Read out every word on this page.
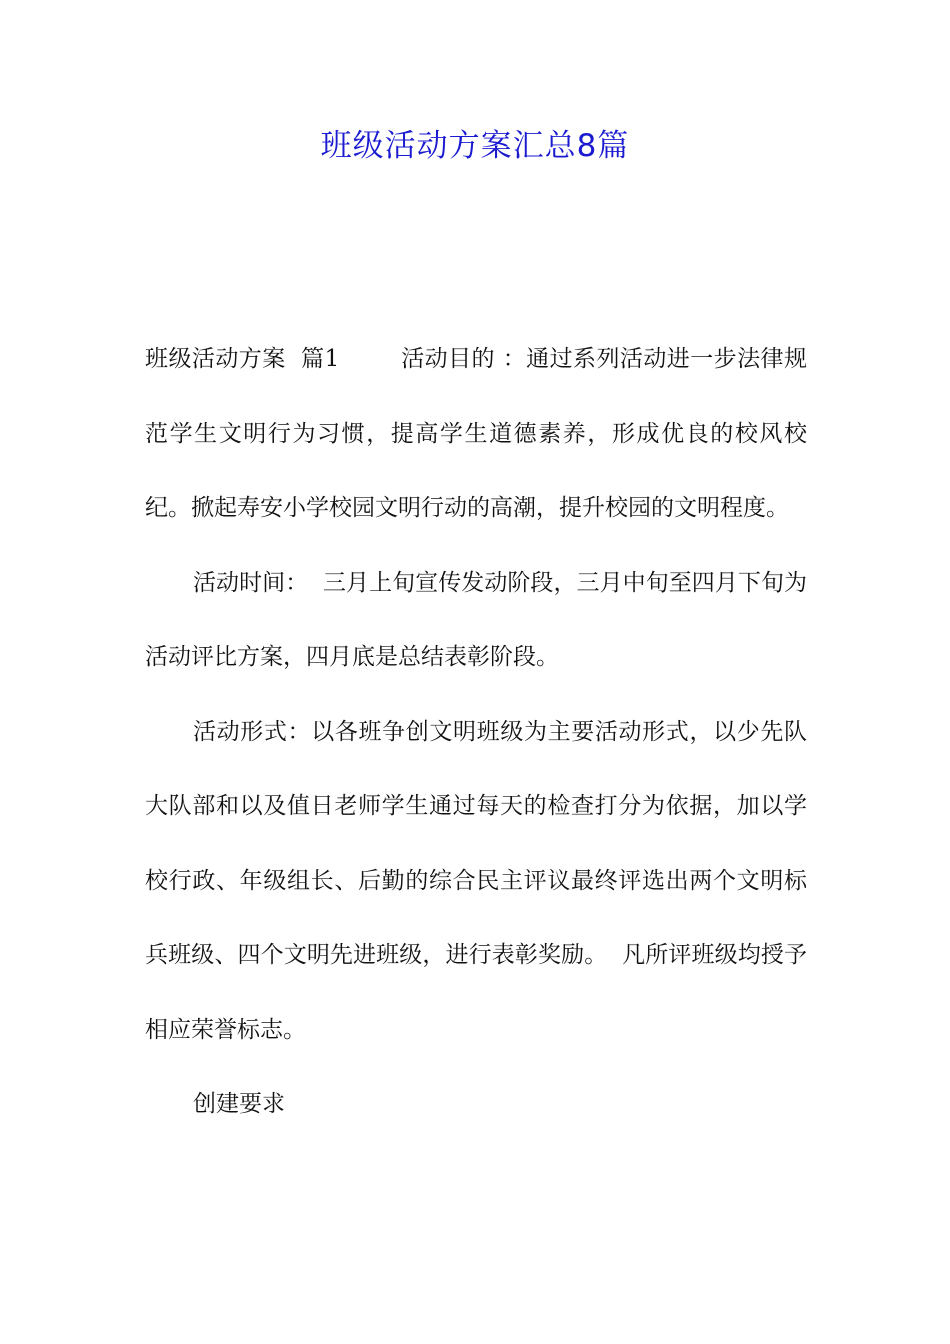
班级活动方案汇总8篇

班级活动方案  篇1        活动目的 ：通过系列活动进一步法律规范学生文明行为习惯，提高学生道德素养，形成优良的校风校纪。掀起寿安小学校园文明行动的高潮，提升校园的文明程度。

活动时间：  三月上旬宣传发动阶段，三月中旬至四月下旬为活动评比方案，四月底是总结表彰阶段。

活动形式：以各班争创文明班级为主要活动形式，以少先队大队部和以及值日老师学生通过每天的检查打分为依据，加以学校行政、年级组长、后勤的综合民主评议最终评选出两个文明标兵班级、四个文明先进班级，进行表彰奖励。  凡所评班级均授予相应荣誉标志。

创建要求
